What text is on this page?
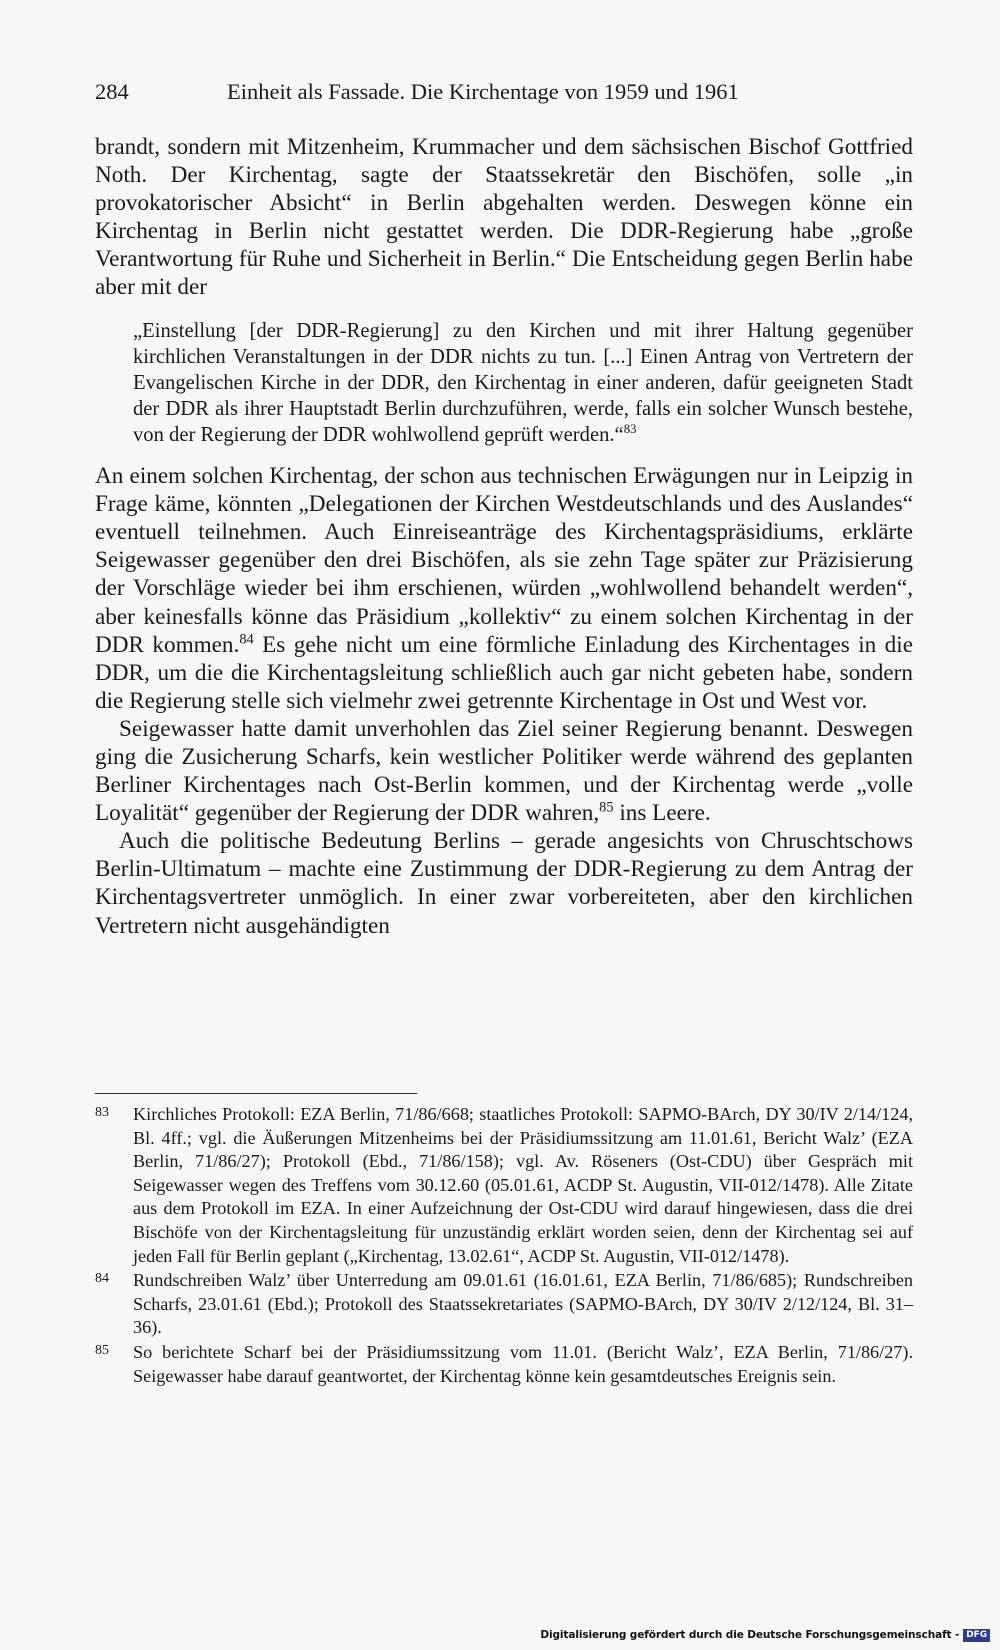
284	Einheit als Fassade. Die Kirchentage von 1959 und 1961

brandt, sondern mit Mitzenheim, Krummacher und dem sächsischen Bischof Gottfried Noth. Der Kirchentag, sagte der Staatssekretär den Bischöfen, solle „in provokatorischer Absicht“ in Berlin abgehalten werden. Deswegen könne ein Kirchentag in Berlin nicht gestattet werden. Die DDR-Regierung habe „große Verantwortung für Ruhe und Sicherheit in Berlin.“ Die Entscheidung gegen Berlin habe aber mit der

„Einstellung [der DDR-Regierung] zu den Kirchen und mit ihrer Haltung gegenüber kirchlichen Veranstaltungen in der DDR nichts zu tun. [...] Einen Antrag von Vertretern der Evangelischen Kirche in der DDR, den Kirchentag in einer anderen, dafür geeigneten Stadt der DDR als ihrer Hauptstadt Berlin durchzuführen, werde, falls ein solcher Wunsch bestehe, von der Regierung der DDR wohlwollend geprüft werden.“$^{83}$

An einem solchen Kirchentag, der schon aus technischen Erwägungen nur in Leipzig in Frage käme, könnten „Delegationen der Kirchen Westdeutschlands und des Auslandes“ eventuell teilnehmen. Auch Einreiseanträge des Kirchentagspräsidiums, erklärte Seigewasser gegenüber den drei Bischöfen, als sie zehn Tage später zur Präzisierung der Vorschläge wieder bei ihm erschienen, würden „wohlwollend behandelt werden“, aber keinesfalls könne das Präsidium „kollektiv“ zu einem solchen Kirchentag in der DDR kommen.$^{84}$ Es gehe nicht um eine förmliche Einladung des Kirchentages in die DDR, um die die Kirchentagsleitung schließlich auch gar nicht gebeten habe, sondern die Regierung stelle sich vielmehr zwei getrennte Kirchentage in Ost und West vor.

Seigewasser hatte damit unverhohlen das Ziel seiner Regierung benannt. Deswegen ging die Zusicherung Scharfs, kein westlicher Politiker werde während des geplanten Berliner Kirchentages nach Ost-Berlin kommen, und der Kirchentag werde „volle Loyalität“ gegenüber der Regierung der DDR wahren,$^{85}$ ins Leere.

Auch die politische Bedeutung Berlins – gerade angesichts von Chruschtschows Berlin-Ultimatum – machte eine Zustimmung der DDR-Regierung zu dem Antrag der Kirchentagsvertreter unmöglich. In einer zwar vorbereiteten, aber den kirchlichen Vertretern nicht ausgehändigten

83	Kirchliches Protokoll: EZA Berlin, 71/86/668; staatliches Protokoll: SAPMO-BArch, DY 30/IV 2/14/124, Bl. 4ff.; vgl. die Äußerungen Mitzenheims bei der Präsidiumssitzung am 11.01.61, Bericht Walz’ (EZA Berlin, 71/86/27); Protokoll (Ebd., 71/86/158); vgl. Av. Röseners (Ost-CDU) über Gespräch mit Seigewasser wegen des Treffens vom 30.12.60 (05.01.61, ACDP St. Augustin, VII-012/1478). Alle Zitate aus dem Protokoll im EZA. In einer Aufzeichnung der Ost-CDU wird darauf hingewiesen, dass die drei Bischöfe von der Kirchentagsleitung für unzuständig erklärt worden seien, denn der Kirchentag sei auf jeden Fall für Berlin geplant („Kirchentag, 13.02.61“, ACDP St. Augustin, VII-012/1478).
84	Rundschreiben Walz’ über Unterredung am 09.01.61 (16.01.61, EZA Berlin, 71/86/685); Rundschreiben Scharfs, 23.01.61 (Ebd.); Protokoll des Staatssekretariates (SAPMO-BArch, DY 30/IV 2/12/124, Bl. 31–36).
85	So berichtete Scharf bei der Präsidiumssitzung vom 11.01. (Bericht Walz’, EZA Berlin, 71/86/27). Seigewasser habe darauf geantwortet, der Kirchentag könne kein gesamtdeutsches Ereignis sein.
Digitalisierung gefördert durch die Deutsche Forschungsgemeinschaft - DFG
